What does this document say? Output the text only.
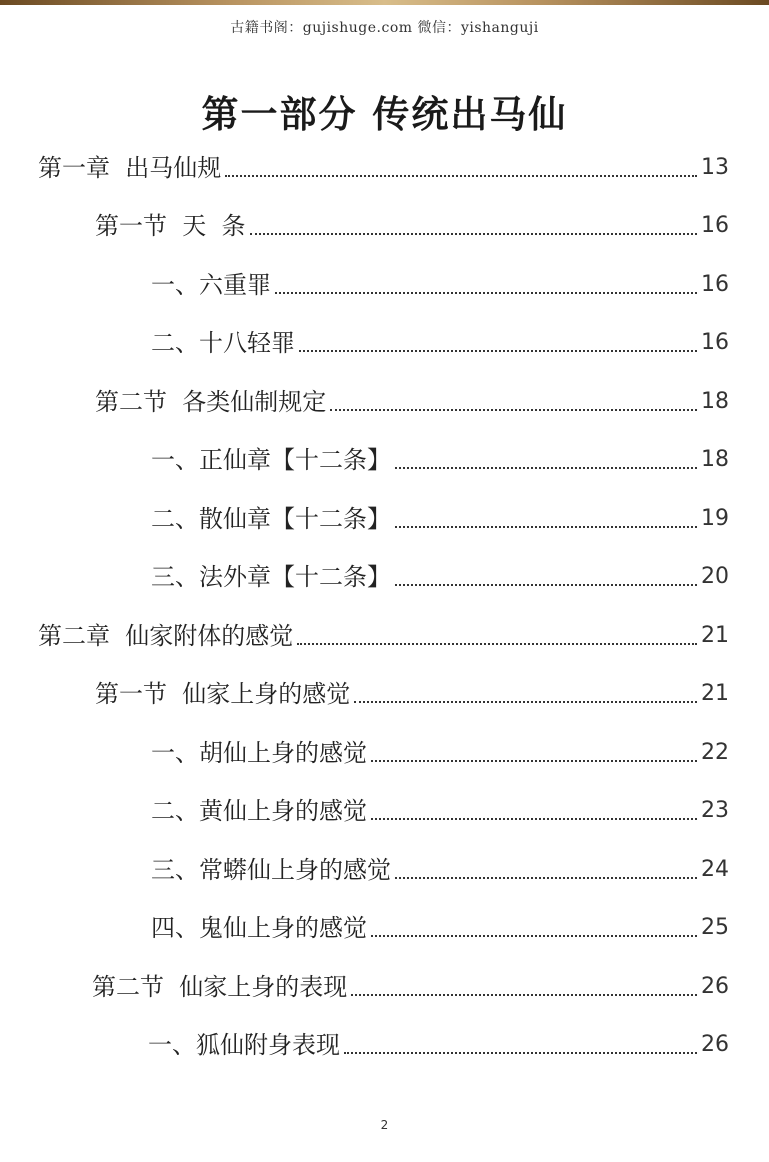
古籍书阁：gujishuge.com 微信：yishanguji
第一部分 传统出马仙
第一章  出马仙规	13
第一节  天  条	16
一、六重罪	16
二、十八轻罪	16
第二节  各类仙制规定	18
一、正仙章【十二条】	18
二、散仙章【十二条】	19
三、法外章【十二条】	20
第二章  仙家附体的感觉	21
第一节  仙家上身的感觉	21
一、胡仙上身的感觉	22
二、黄仙上身的感觉	23
三、常蟒仙上身的感觉	24
四、鬼仙上身的感觉	25
第二节  仙家上身的表现	26
一、狐仙附身表现	26
2
